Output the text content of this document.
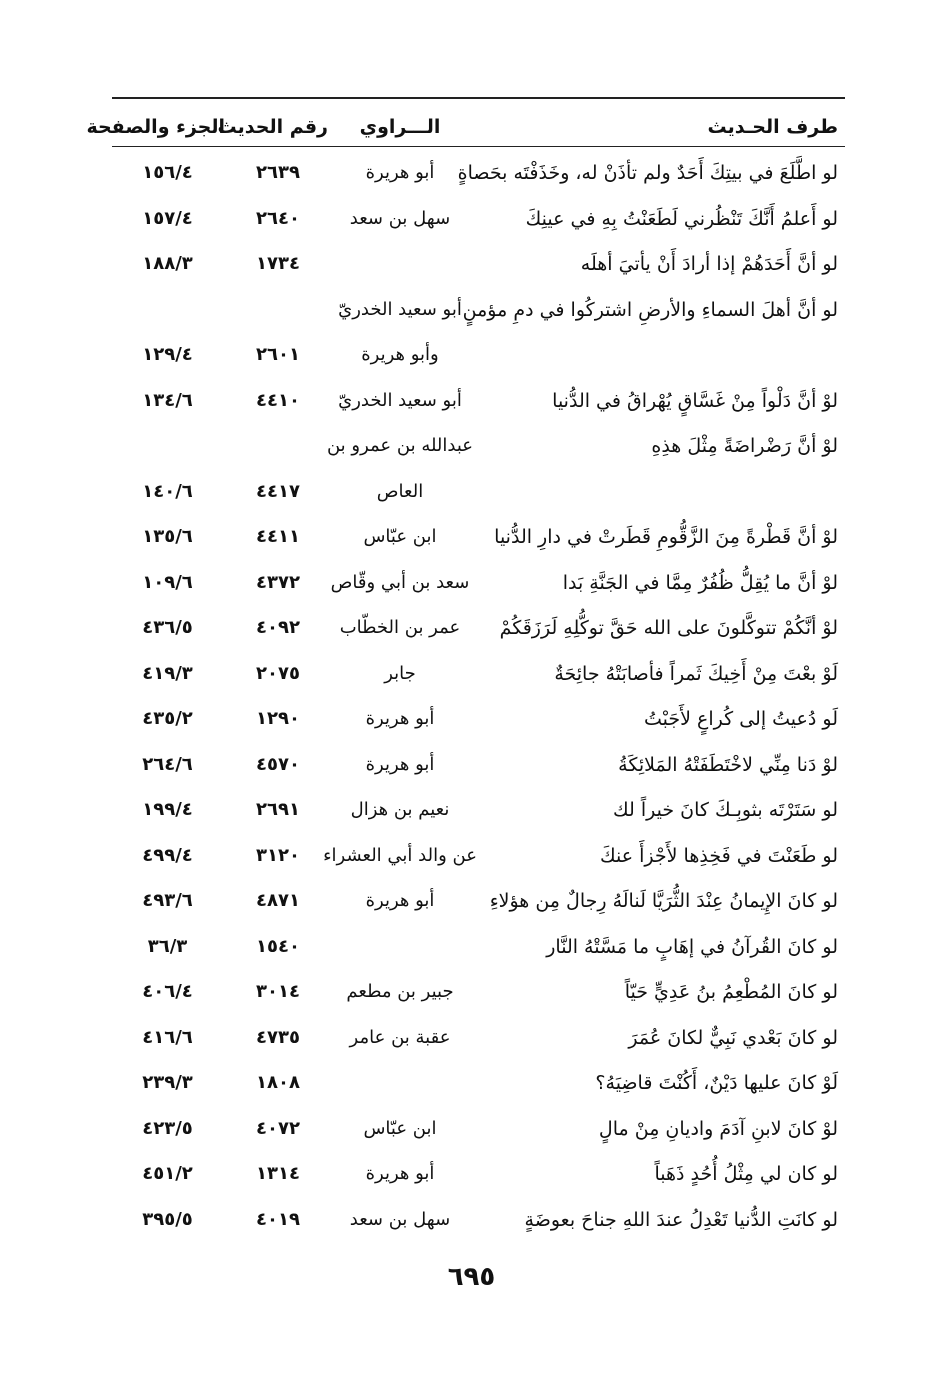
طرف الحـديث
الـــراوي
رقم الحديث
الجزء والصفحة
لو اطَّلَعَ في بيتِكَ أَحَدٌ ولم تأذَنْ له، وخَذَفْتَه بحَصاةٍ
أبو هريرة
٢٦٣٩
١٥٦/٤
لو أَعلمُ أَنَّكَ تَنْظُرني لَطَعَنْتُ بِهِ في عينِكَ
سهل بن سعد
٢٦٤٠
١٥٧/٤
لو أنَّ أَحَدَهُمْ إذا أرادَ أَنْ يأتيَ أهلَه
١٧٣٤
١٨٨/٣
لو أنَّ أهلَ السماءِ والأرضِ اشتركُوا في دمِ مؤمنٍ
أبو سعيد الخدريّ
وأبو هريرة
٢٦٠١
١٢٩/٤
لوْ أنَّ دَلْواً مِنْ غَسَّاقٍ يُهْراقُ في الدُّنيا
أبو سعيد الخدريّ
٤٤١٠
١٣٤/٦
لوْ أنَّ رَضْراضَةً مِثْلَ هذِهِ
عبدالله بن عمرو بن
العاص
٤٤١٧
١٤٠/٦
لوْ أنَّ قَطْرةً مِنَ الزَّقُّومِ قَطَرتْ في دارِ الدُّنيا
ابن عبّاس
٤٤١١
١٣٥/٦
لوْ أنَّ ما يُقِلُّ ظُفُرٌ مِمَّا في الجَنَّةِ بَدا
سعد بن أبي وقّاص
٤٣٧٢
١٠٩/٦
لوْ أنَّكُمْ تتوكَّلونَ على الله حَقَّ توكُّلِهِ لَرَزَقَكُمْ
عمر بن الخطّاب
٤٠٩٢
٤٣٦/٥
لَوْ بعْتَ مِنْ أَخِيكَ ثَمراً فأصابَتْهُ جائِحَةٌ
جابر
٢٠٧٥
٤١٩/٣
لَو دُعيتُ إلى كُراعٍ لأَجَبْتُ
أبو هريرة
١٢٩٠
٤٣٥/٢
لوْ دَنا مِنِّي لاخْتَطَفَتْهُ المَلائِكَةُ
أبو هريرة
٤٥٧٠
٢٦٤/٦
لو سَتَرْتَه بثوبِـكَ كانَ خيراً لك
نعيم بن هزال
٢٦٩١
١٩٩/٤
لو طَعَنْتَ في فَخِذِها لأَجْزأَ عنكَ
عن والد أبي العشراء
٣١٢٠
٤٩٩/٤
لو كانَ الإِيمانُ عِنْدَ الثُّرَيَّا لَنالَهُ رِجالٌ مِن هؤلاءِ
أبو هريرة
٤٨٧١
٤٩٣/٦
لو كانَ القُرآنُ في إهَابٍ ما مَسَّتْهُ النَّار
١٥٤٠
٣٦/٣
لو كانَ المُطْعِمُ بنُ عَدِيٍّ حَيّاً
جبير بن مطعم
٣٠١٤
٤٠٦/٤
لو كانَ بَعْدي نَبِيٌّ لكانَ عُمَرَ
عقبة بن عامر
٤٧٣٥
٤١٦/٦
لَوْ كانَ عليها دَيْنٌ، أَكُنْتَ قاضِيَهُ؟
١٨٠٨
٢٣٩/٣
لوْ كانَ لابنِ آدَمَ واديانِ مِنْ مالٍ
ابن عبّاس
٤٠٧٢
٤٢٣/٥
لو كان لي مِثْلُ أُحُدٍ ذَهَباً
أبو هريرة
١٣١٤
٤٥١/٢
لو كانَتِ الدُّنيا تَعْدِلُ عندَ اللهِ جناحَ بعوضَةٍ
سهل بن سعد
٤٠١٩
٣٩٥/٥
٦٩٥
